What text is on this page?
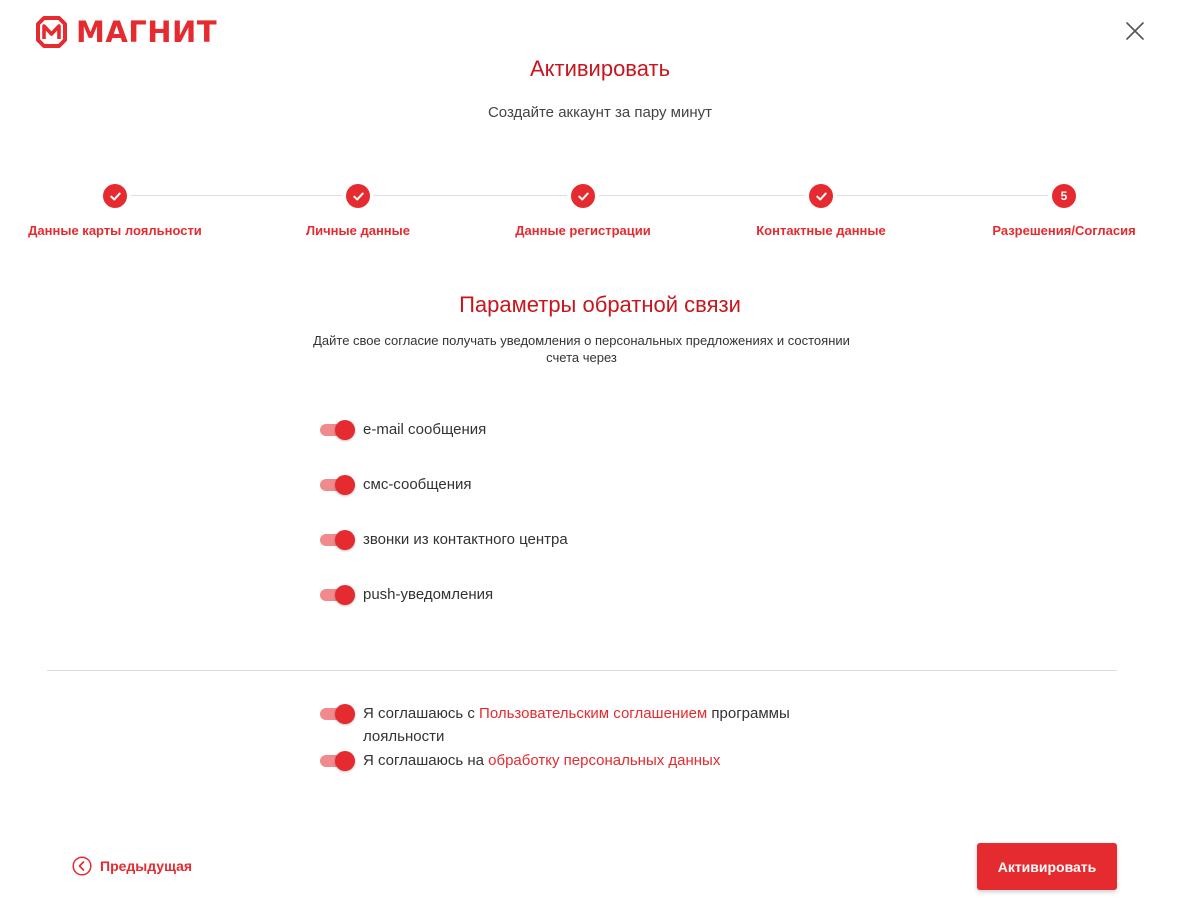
МАГНИТ
Активировать
Создайте аккаунт за пару минут
Данные карты лояльности	Личные данные	Данные регистрации	Контактные данные
5
Разрешения/Согласия
Параметры обратной связи
Дайте свое согласие получать уведомления о персональных предложениях и состоянии счета через
e-mail сообщения
смс-сообщения
звонки из контактного центра
push-уведомления
Я соглашаюсь с Пользовательским соглашением программы лояльности
Я соглашаюсь на обработку персональных данных
Предыдущая	Активировать
